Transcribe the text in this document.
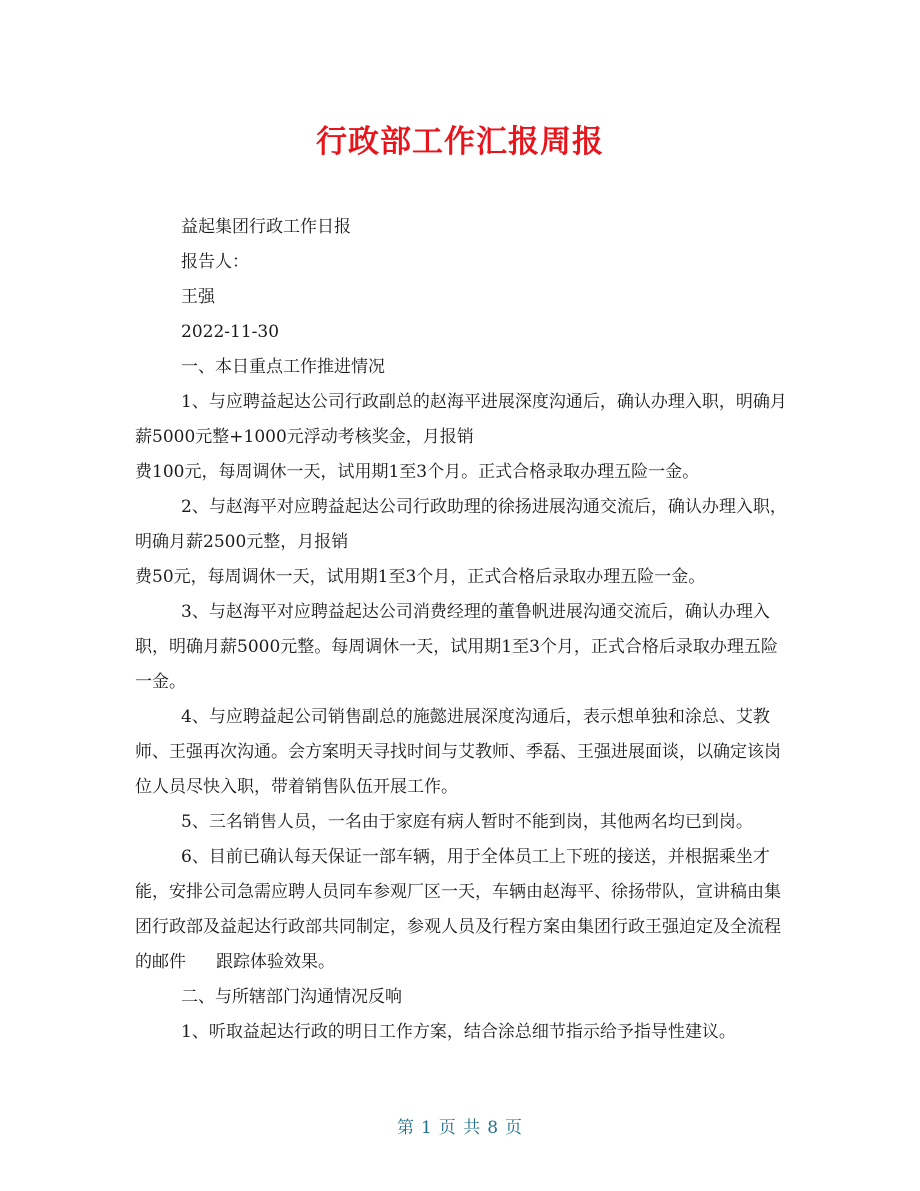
行政部工作汇报周报

益起集团行政工作日报

报告人：

王强

2022-11-30

一、本日重点工作推进情况

1、与应聘益起达公司行政副总的赵海平进展深度沟通后，确认办理入职，明确月薪5000元整+1000元浮动考核奖金，月报销

费100元，每周调休一天，试用期1至3个月。正式合格录取办理五险一金。

2、与赵海平对应聘益起达公司行政助理的徐扬进展沟通交流后，确认办理入职，明确月薪2500元整，月报销

费50元，每周调休一天，试用期1至3个月，正式合格后录取办理五险一金。

3、与赵海平对应聘益起达公司消费经理的董鲁帆进展沟通交流后，确认办理入职，明确月薪5000元整。每周调休一天，试用期1至3个月，正式合格后录取办理五险一金。

4、与应聘益起公司销售副总的施懿进展深度沟通后，表示想单独和涂总、艾教师、王强再次沟通。会方案明天寻找时间与艾教师、季磊、王强进展面谈，以确定该岗位人员尽快入职，带着销售队伍开展工作。

5、三名销售人员，一名由于家庭有病人暂时不能到岗，其他两名均已到岗。

6、目前已确认每天保证一部车辆，用于全体员工上下班的接送，并根据乘坐才能，安排公司急需应聘人员同车参观厂区一天，车辆由赵海平、徐扬带队，宣讲稿由集团行政部及益起达行政部共同制定，参观人员及行程方案由集团行政王强迫定及全流程的邮件 跟踪体验效果。

二、与所辖部门沟通情况反响

1、听取益起达行政的明日工作方案，结合涂总细节指示给予指导性建议。

第 1 页 共 8 页
